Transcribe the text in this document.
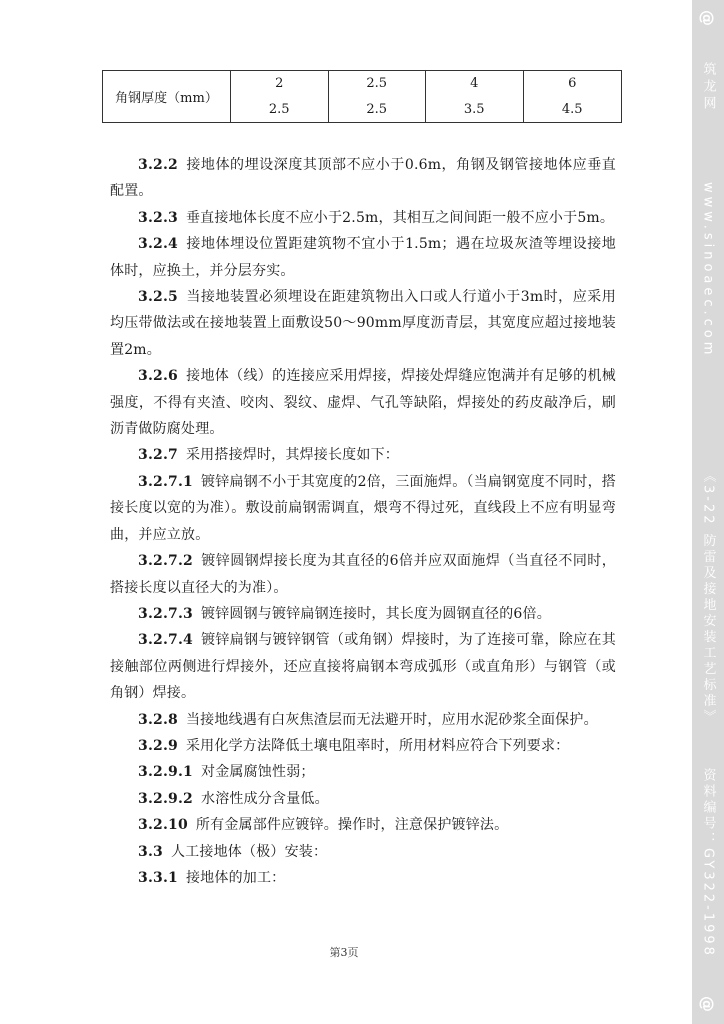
角钢厚度（mm）
2	2.5	4	6
2.5	2.5	3.5	4.5

3.2.2 接地体的埋设深度其顶部不应小于0.6m，角钢及钢管接地体应垂直配置。

3.2.3 垂直接地体长度不应小于2.5m，其相互之间间距一般不应小于5m。

3.2.4 接地体埋设位置距建筑物不宜小于1.5m；遇在垃圾灰渣等埋设接地体时，应换土，并分层夯实。

3.2.5 当接地装置必须埋设在距建筑物出入口或人行道小于3m时，应采用均压带做法或在接地装置上面敷设50～90mm厚度沥青层，其宽度应超过接地装置2m。

3.2.6 接地体（线）的连接应采用焊接，焊接处焊缝应饱满并有足够的机械强度，不得有夹渣、咬肉、裂纹、虚焊、气孔等缺陷，焊接处的药皮敲净后，刷沥青做防腐处理。

3.2.7 采用搭接焊时，其焊接长度如下：

3.2.7.1 镀锌扁钢不小于其宽度的2倍，三面施焊。（当扁钢宽度不同时，搭接长度以宽的为准）。敷设前扁钢需调直，煨弯不得过死，直线段上不应有明显弯曲，并应立放。

3.2.7.2 镀锌圆钢焊接长度为其直径的6倍并应双面施焊（当直径不同时，搭接长度以直径大的为准）。

3.2.7.3 镀锌圆钢与镀锌扁钢连接时，其长度为圆钢直径的6倍。

3.2.7.4 镀锌扁钢与镀锌钢管（或角钢）焊接时，为了连接可靠，除应在其接触部位两侧进行焊接外，还应直接将扁钢本弯成弧形（或直角形）与钢管（或角钢）焊接。

3.2.8 当接地线遇有白灰焦渣层而无法避开时，应用水泥砂浆全面保护。

3.2.9 采用化学方法降低土壤电阻率时，所用材料应符合下列要求：

3.2.9.1 对金属腐蚀性弱；

3.2.9.2 水溶性成分含量低。

3.2.10 所有金属部件应镀锌。操作时，注意保护镀锌法。

3.3 人工接地体（极）安装：

3.3.1 接地体的加工：

第3页
@
筑龙网
www.sinoaec.com
《3-22 防雷及接地安装工艺标准》
资料编号：GY322-1998
@
